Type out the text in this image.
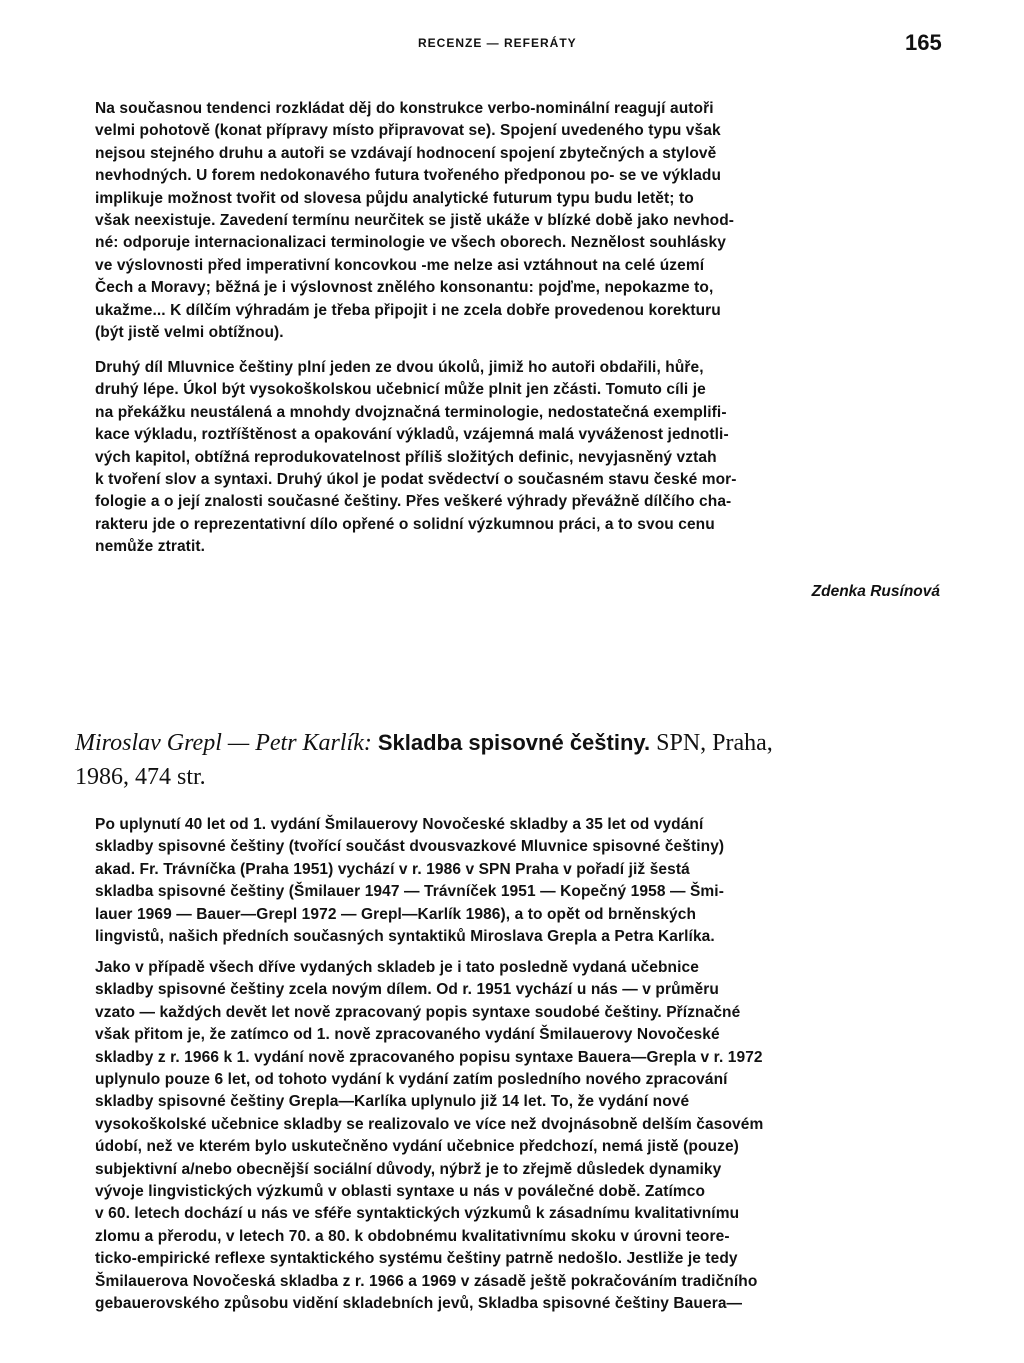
RECENZE — REFERÁTY	165

Na současnou tendenci rozkládat děj do konstrukce verbo-nominální reagují autoři
velmi pohotově (konat přípravy místo připravovat se). Spojení uvedeného typu však
nejsou stejného druhu a autoři se vzdávají hodnocení spojení zbytečných a stylově
nevhodných. U forem nedokonavého futura tvořeného předponou po- se ve výkladu
implikuje možnost tvořit od slovesa půjdu analytické futurum typu budu letět; to
však neexistuje. Zavedení termínu neurčitek se jistě ukáže v blízké době jako nevhod-
né: odporuje internacionalizaci terminologie ve všech oborech. Neznělost souhlásky
ve výslovnosti před imperativní koncovkou -me nelze asi vztáhnout na celé území
Čech a Moravy; běžná je i výslovnost znělého konsonantu: pojďme, nepokazme to,
ukažme... K dílčím výhradám je třeba připojit i ne zcela dobře provedenou korekturu
(být jistě velmi obtížnou).

Druhý díl Mluvnice češtiny plní jeden ze dvou úkolů, jimiž ho autoři obdařili, hůře,
druhý lépe. Úkol být vysokoškolskou učebnicí může plnit jen zčásti. Tomuto cíli je
na překážku neustálená a mnohdy dvojznačná terminologie, nedostatečná exemplifi-
kace výkladu, roztříštěnost a opakování výkladů, vzájemná malá vyváženost jednotli-
vých kapitol, obtížná reprodukovatelnost příliš složitých definic, nevyjasněný vztah
k tvoření slov a syntaxi. Druhý úkol je podat svědectví o současném stavu české mor-
fologie a o její znalosti současné češtiny. Přes veškeré výhrady převážně dílčího cha-
rakteru jde o reprezentativní dílo opřené o solidní výzkumnou práci, a to svou cenu
nemůže ztratit.

Zdenka Rusínová

Miroslav Grepl — Petr Karlík: Skladba spisovné češtiny. SPN, Praha,
1986, 474 str.

Po uplynutí 40 let od 1. vydání Šmilauerovy Novočeské skladby a 35 let od vydání
skladby spisovné češtiny (tvořící součást dvousvazkové Mluvnice spisovné češtiny)
akad. Fr. Trávníčka (Praha 1951) vychází v r. 1986 v SPN Praha v pořadí již šestá
skladba spisovné češtiny (Šmilauer 1947 — Trávníček 1951 — Kopečný 1958 — Šmi-
lauer 1969 — Bauer—Grepl 1972 — Grepl—Karlík 1986), a to opět od brněnských
lingvistů, našich předních současných syntaktiků Miroslava Grepla a Petra Karlíka.

Jako v případě všech dříve vydaných skladeb je i tato posledně vydaná učebnice
skladby spisovné češtiny zcela novým dílem. Od r. 1951 vychází u nás — v průměru
vzato — každých devět let nově zpracovaný popis syntaxe soudobé češtiny. Příznačné
však přitom je, že zatímco od 1. nově zpracovaného vydání Šmilauerovy Novočeské
skladby z r. 1966 k 1. vydání nově zpracovaného popisu syntaxe Bauera—Grepla v r. 1972
uplynulo pouze 6 let, od tohoto vydání k vydání zatím posledního nového zpracování
skladby spisovné češtiny Grepla—Karlíka uplynulo již 14 let. To, že vydání nové
vysokoškolské učebnice skladby se realizovalo ve více než dvojnásobně delším časovém
údobí, než ve kterém bylo uskutečněno vydání učebnice předchozí, nemá jistě (pouze)
subjektivní a/nebo obecnější sociální důvody, nýbrž je to zřejmě důsledek dynamiky
vývoje lingvistických výzkumů v oblasti syntaxe u nás v poválečné době. Zatímco
v 60. letech dochází u nás ve sféře syntaktických výzkumů k zásadnímu kvalitativnímu
zlomu a přerodu, v letech 70. a 80. k obdobnému kvalitativnímu skoku v úrovni teore-
ticko-empirické reflexe syntaktického systému češtiny patrně nedošlo. Jestliže je tedy
Šmilauerova Novočeská skladba z r. 1966 a 1969 v zásadě ještě pokračováním tradičního
gebauerovského způsobu vidění skladebních jevů, Skladba spisovné češtiny Bauera—
